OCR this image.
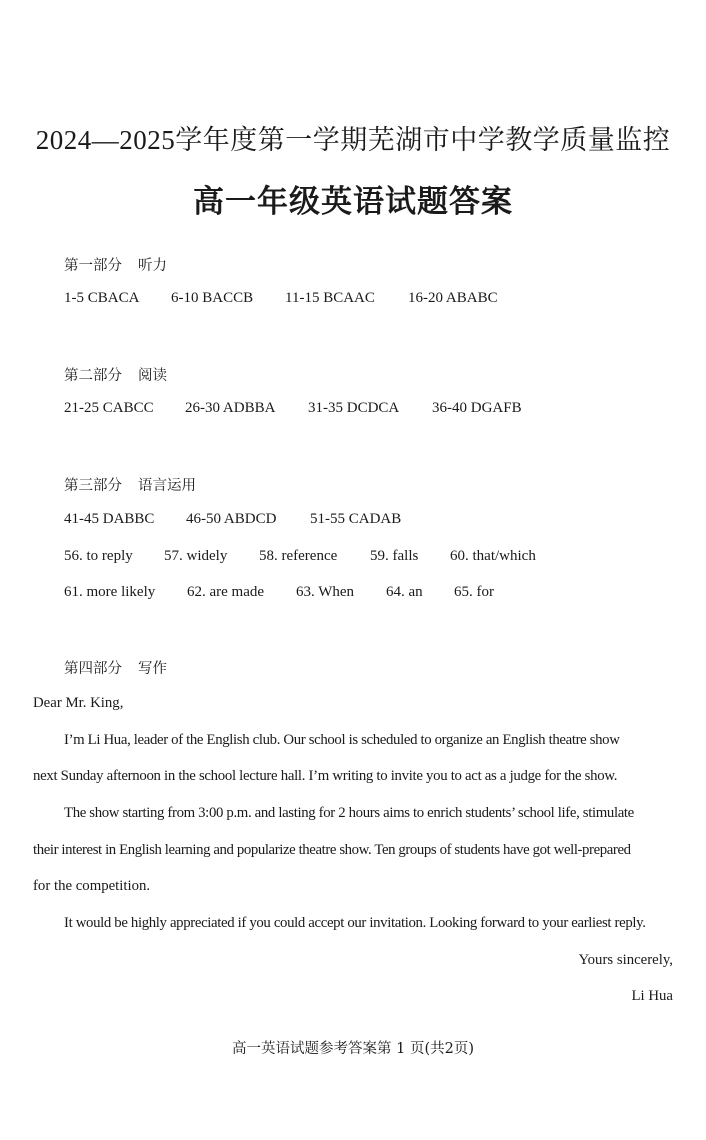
2024—2025学年度第一学期芜湖市中学教学质量监控
高一年级英语试题答案
第一部分 听力
1-5 CBACA 6-10 BACCB 11-15 BCAAC 16-20 ABABC
第二部分 阅读
21-25 CABCC 26-30 ADBBA 31-35 DCDCA 36-40 DGAFB
第三部分 语言运用
41-45 DABBC 46-50 ABDCD 51-55 CADAB
56. to reply 57. widely 58. reference 59. falls 60. that/which
61. more likely 62. are made 63. When 64. an 65. for
第四部分 写作
Dear Mr. King,
I’m Li Hua, leader of the English club. Our school is scheduled to organize an English theatre show
next Sunday afternoon in the school lecture hall. I’m writing to invite you to act as a judge for the show.
The show starting from 3:00 p.m. and lasting for 2 hours aims to enrich students’ school life, stimulate
their interest in English learning and popularize theatre show. Ten groups of students have got well-prepared
for the competition.
It would be highly appreciated if you could accept our invitation. Looking forward to your earliest reply.
Yours sincerely,
Li Hua
高一英语试题参考答案第 1 页(共2页)
